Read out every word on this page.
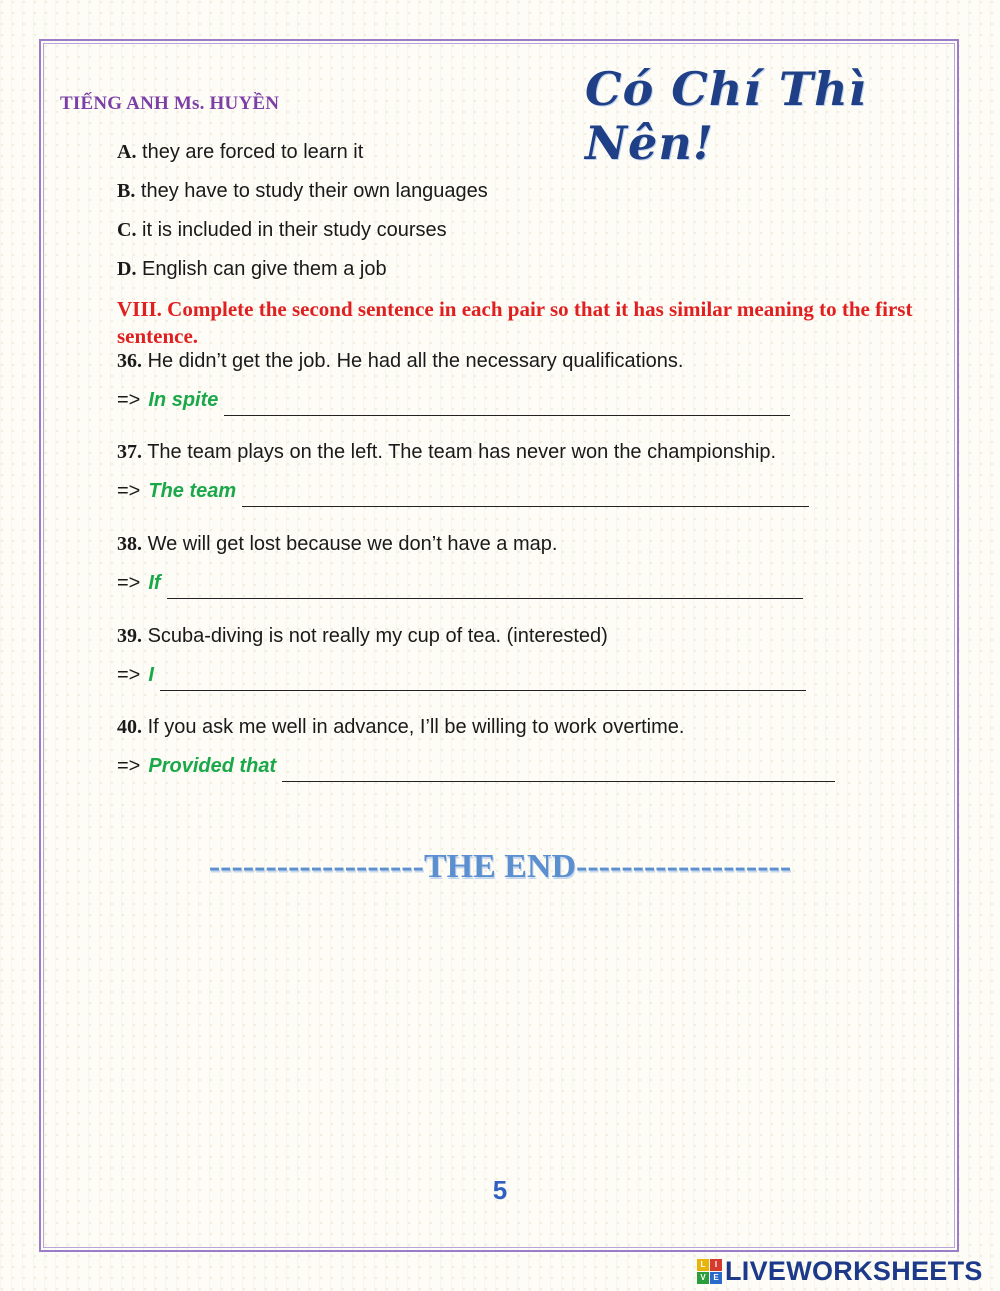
TIẾNG ANH Ms. HUYỀN	Có Chí Thì Nên!
A. they are forced to learn it
B. they have to study their own languages
C. it is included in their study courses
D. English can give them a job
VIII. Complete the second sentence in each pair so that it has similar meaning to the first sentence.
36. He didn’t get the job. He had all the necessary qualifications.
=> In spite
37. The team plays on the left. The team has never won the championship.
=> The team
38. We will get lost because we don’t have a map.
=> If
39. Scuba-diving is not really my cup of tea. (interested)
=> I
40. If you ask me well in advance, I’ll be willing to work overtime.
=> Provided that
-------------------THE END-------------------
5
L	I
V E LIVEWORKSHEETS
